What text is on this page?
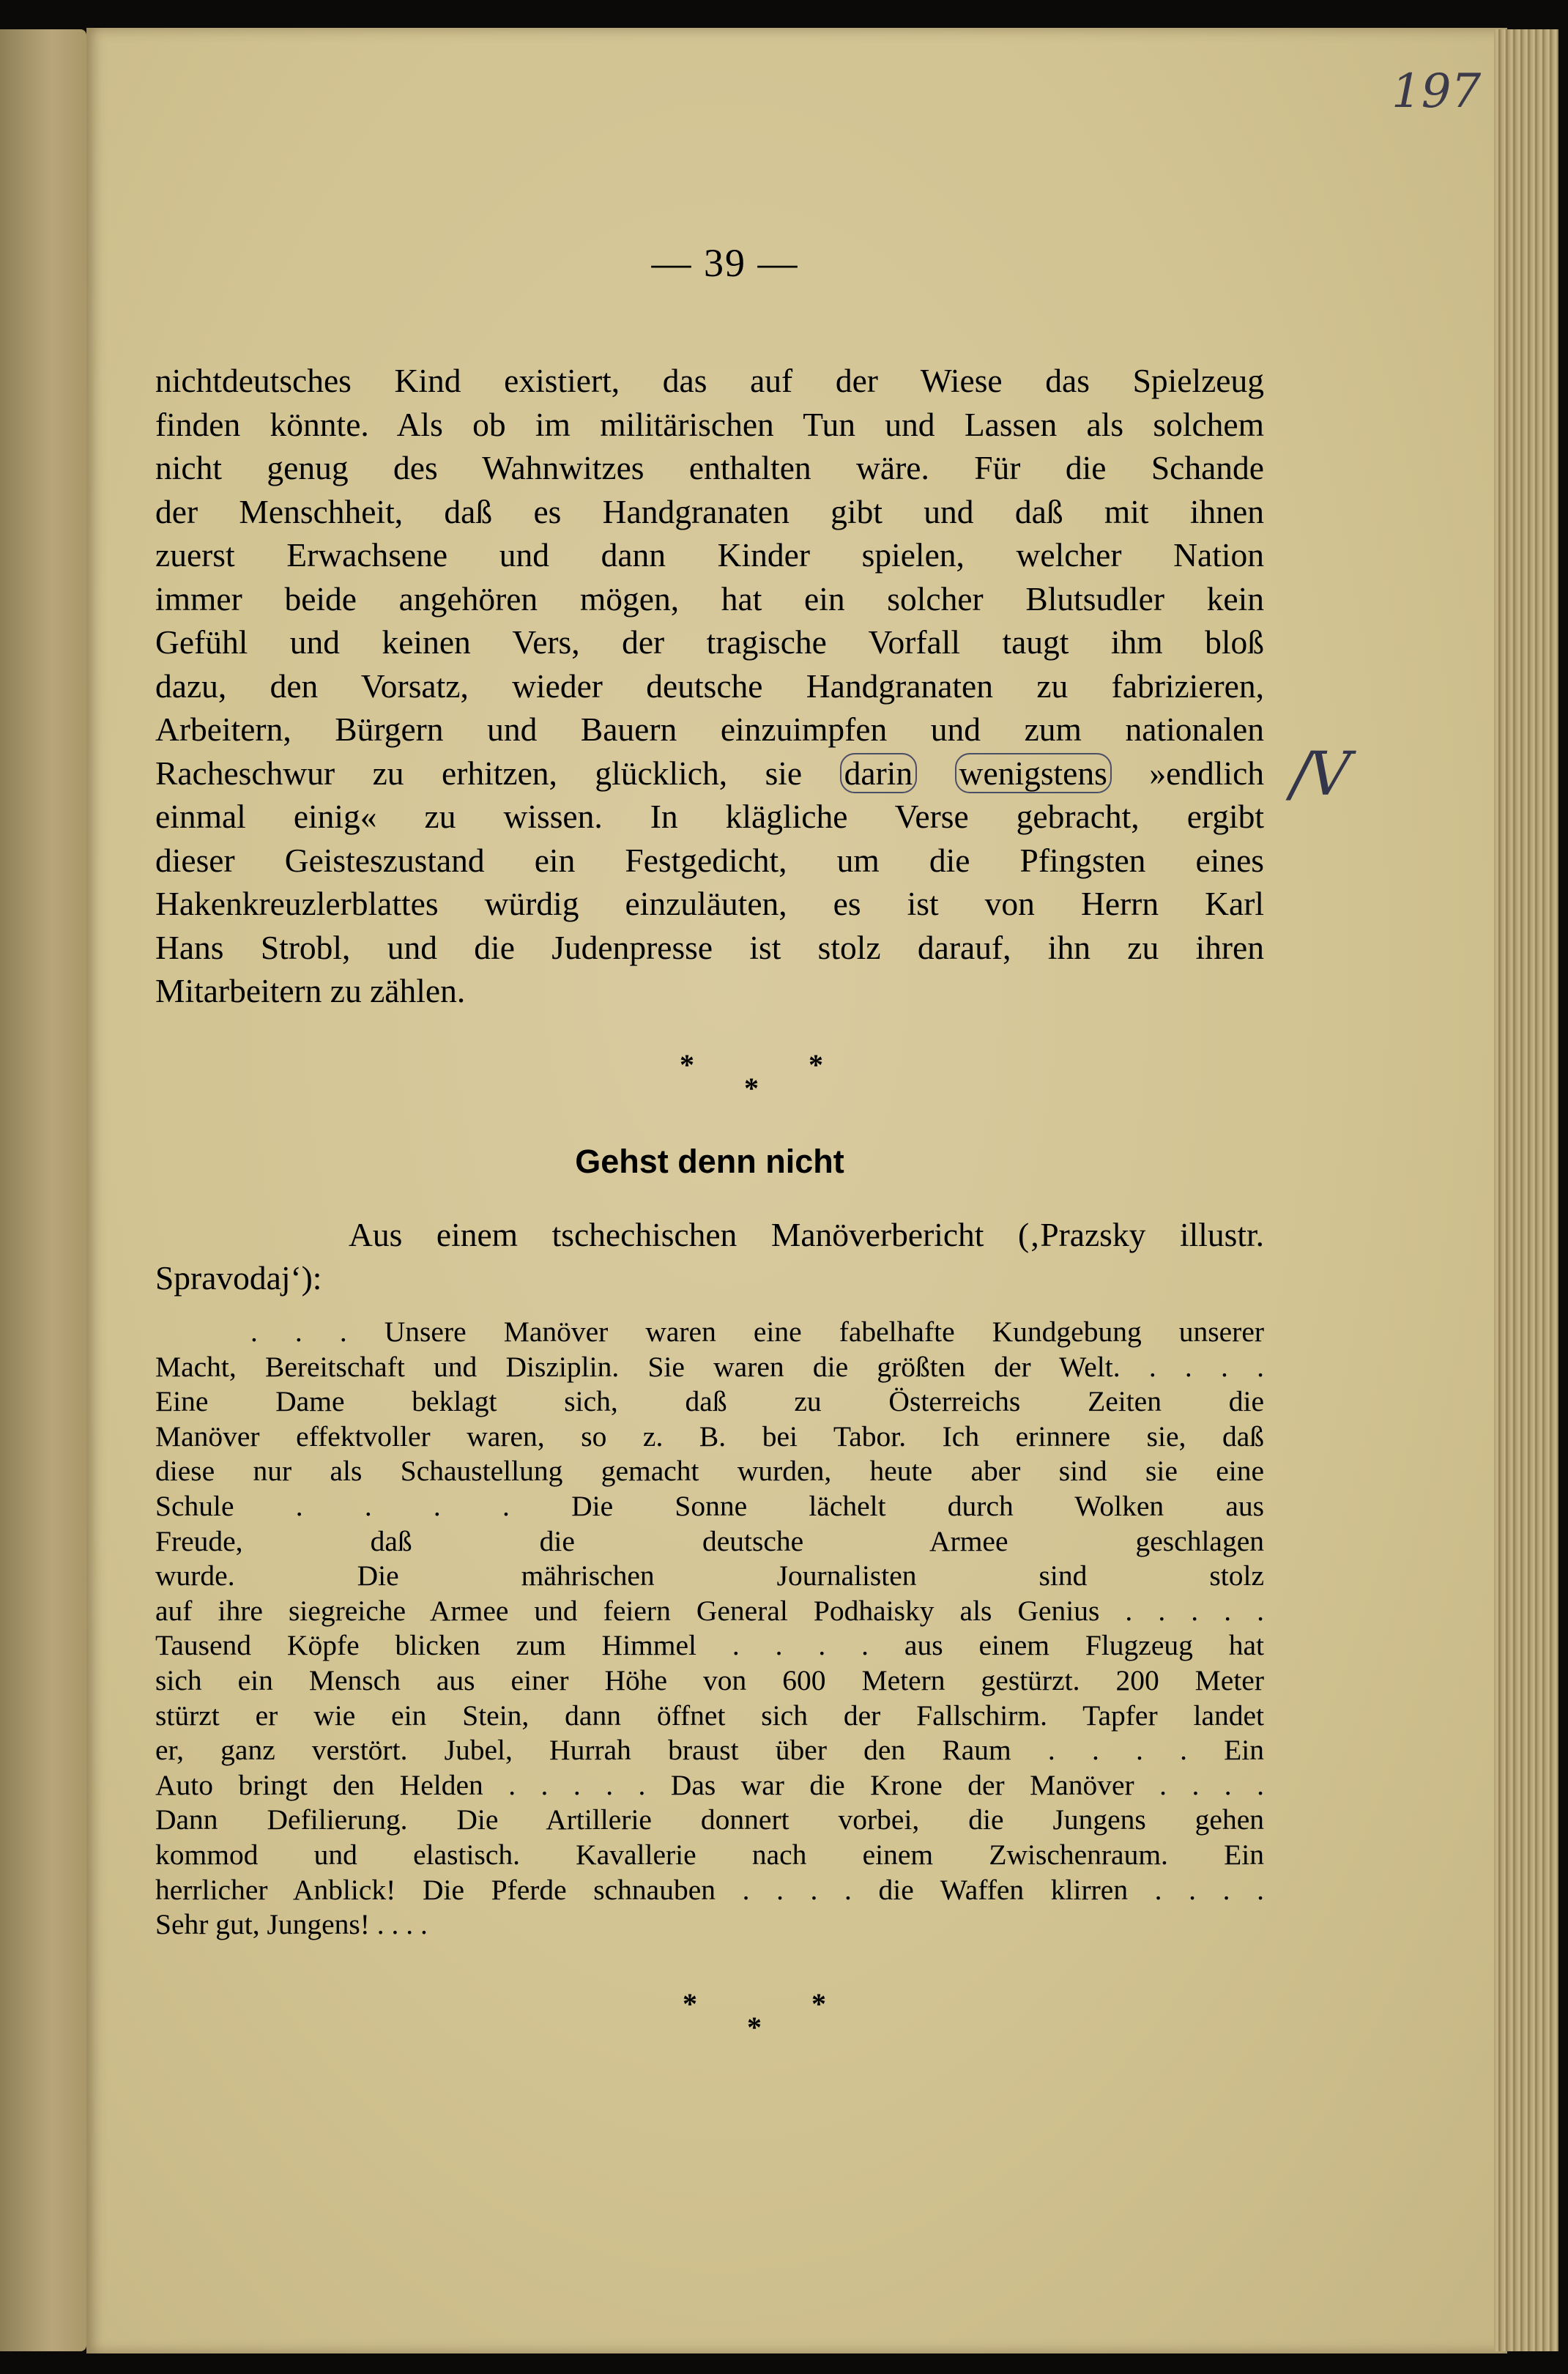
197
— 39 —
nichtdeutsches Kind existiert, das auf der Wiese das Spielzeug
finden könnte. Als ob im militärischen Tun und Lassen als solchem
nicht genug des Wahnwitzes enthalten wäre. Für die Schande
der Menschheit, daß es Handgranaten gibt und daß mit ihnen
zuerst Erwachsene und dann Kinder spielen, welcher Nation
immer beide angehören mögen, hat ein solcher Blutsudler kein
Gefühl und keinen Vers, der tragische Vorfall taugt ihm bloß
dazu, den Vorsatz, wieder deutsche Handgranaten zu fabrizieren,
Arbeitern, Bürgern und Bauern einzuimpfen und zum nationalen
Racheschwur zu erhitzen, glücklich, sie darin wenigstens »endlich
einmal einig« zu wissen. In klägliche Verse gebracht, ergibt
dieser Geisteszustand ein Festgedicht, um die Pfingsten eines
Hakenkreuzlerblattes würdig einzuläuten, es ist von Herrn Karl
Hans Strobl, und die Judenpresse ist stolz darauf, ihn zu ihren
Mitarbeitern zu zählen.
/V
*	*
*
Gehst denn nicht
Aus einem tschechischen Manöverbericht (‚Prazsky illustr.
Spravodaj‘):
. . . Unsere Manöver waren eine fabelhafte Kundgebung unserer
Macht, Bereitschaft und Disziplin. Sie waren die größten der Welt. . . . .
Eine Dame beklagt sich, daß zu Österreichs Zeiten die
Manöver effektvoller waren, so z. B. bei Tabor. Ich erinnere sie, daß
diese nur als Schaustellung gemacht wurden, heute aber sind sie eine
Schule . . . . Die Sonne lächelt durch Wolken aus
Freude, daß die deutsche Armee geschlagen
wurde. Die mährischen Journalisten sind stolz
auf ihre siegreiche Armee und feiern General Podhaisky als Genius . . . . .
Tausend Köpfe blicken zum Himmel . . . . aus einem Flugzeug hat
sich ein Mensch aus einer Höhe von 600 Metern gestürzt. 200 Meter
stürzt er wie ein Stein, dann öffnet sich der Fallschirm. Tapfer landet
er, ganz verstört. Jubel, Hurrah braust über den Raum . . . . Ein
Auto bringt den Helden . . . . . Das war die Krone der Manöver . . . .
Dann Defilierung. Die Artillerie donnert vorbei, die Jungens gehen
kommod und elastisch. Kavallerie nach einem Zwischenraum. Ein
herrlicher Anblick! Die Pferde schnauben . . . . die Waffen klirren . . . .
Sehr gut, Jungens! . . . .
*	*
*
